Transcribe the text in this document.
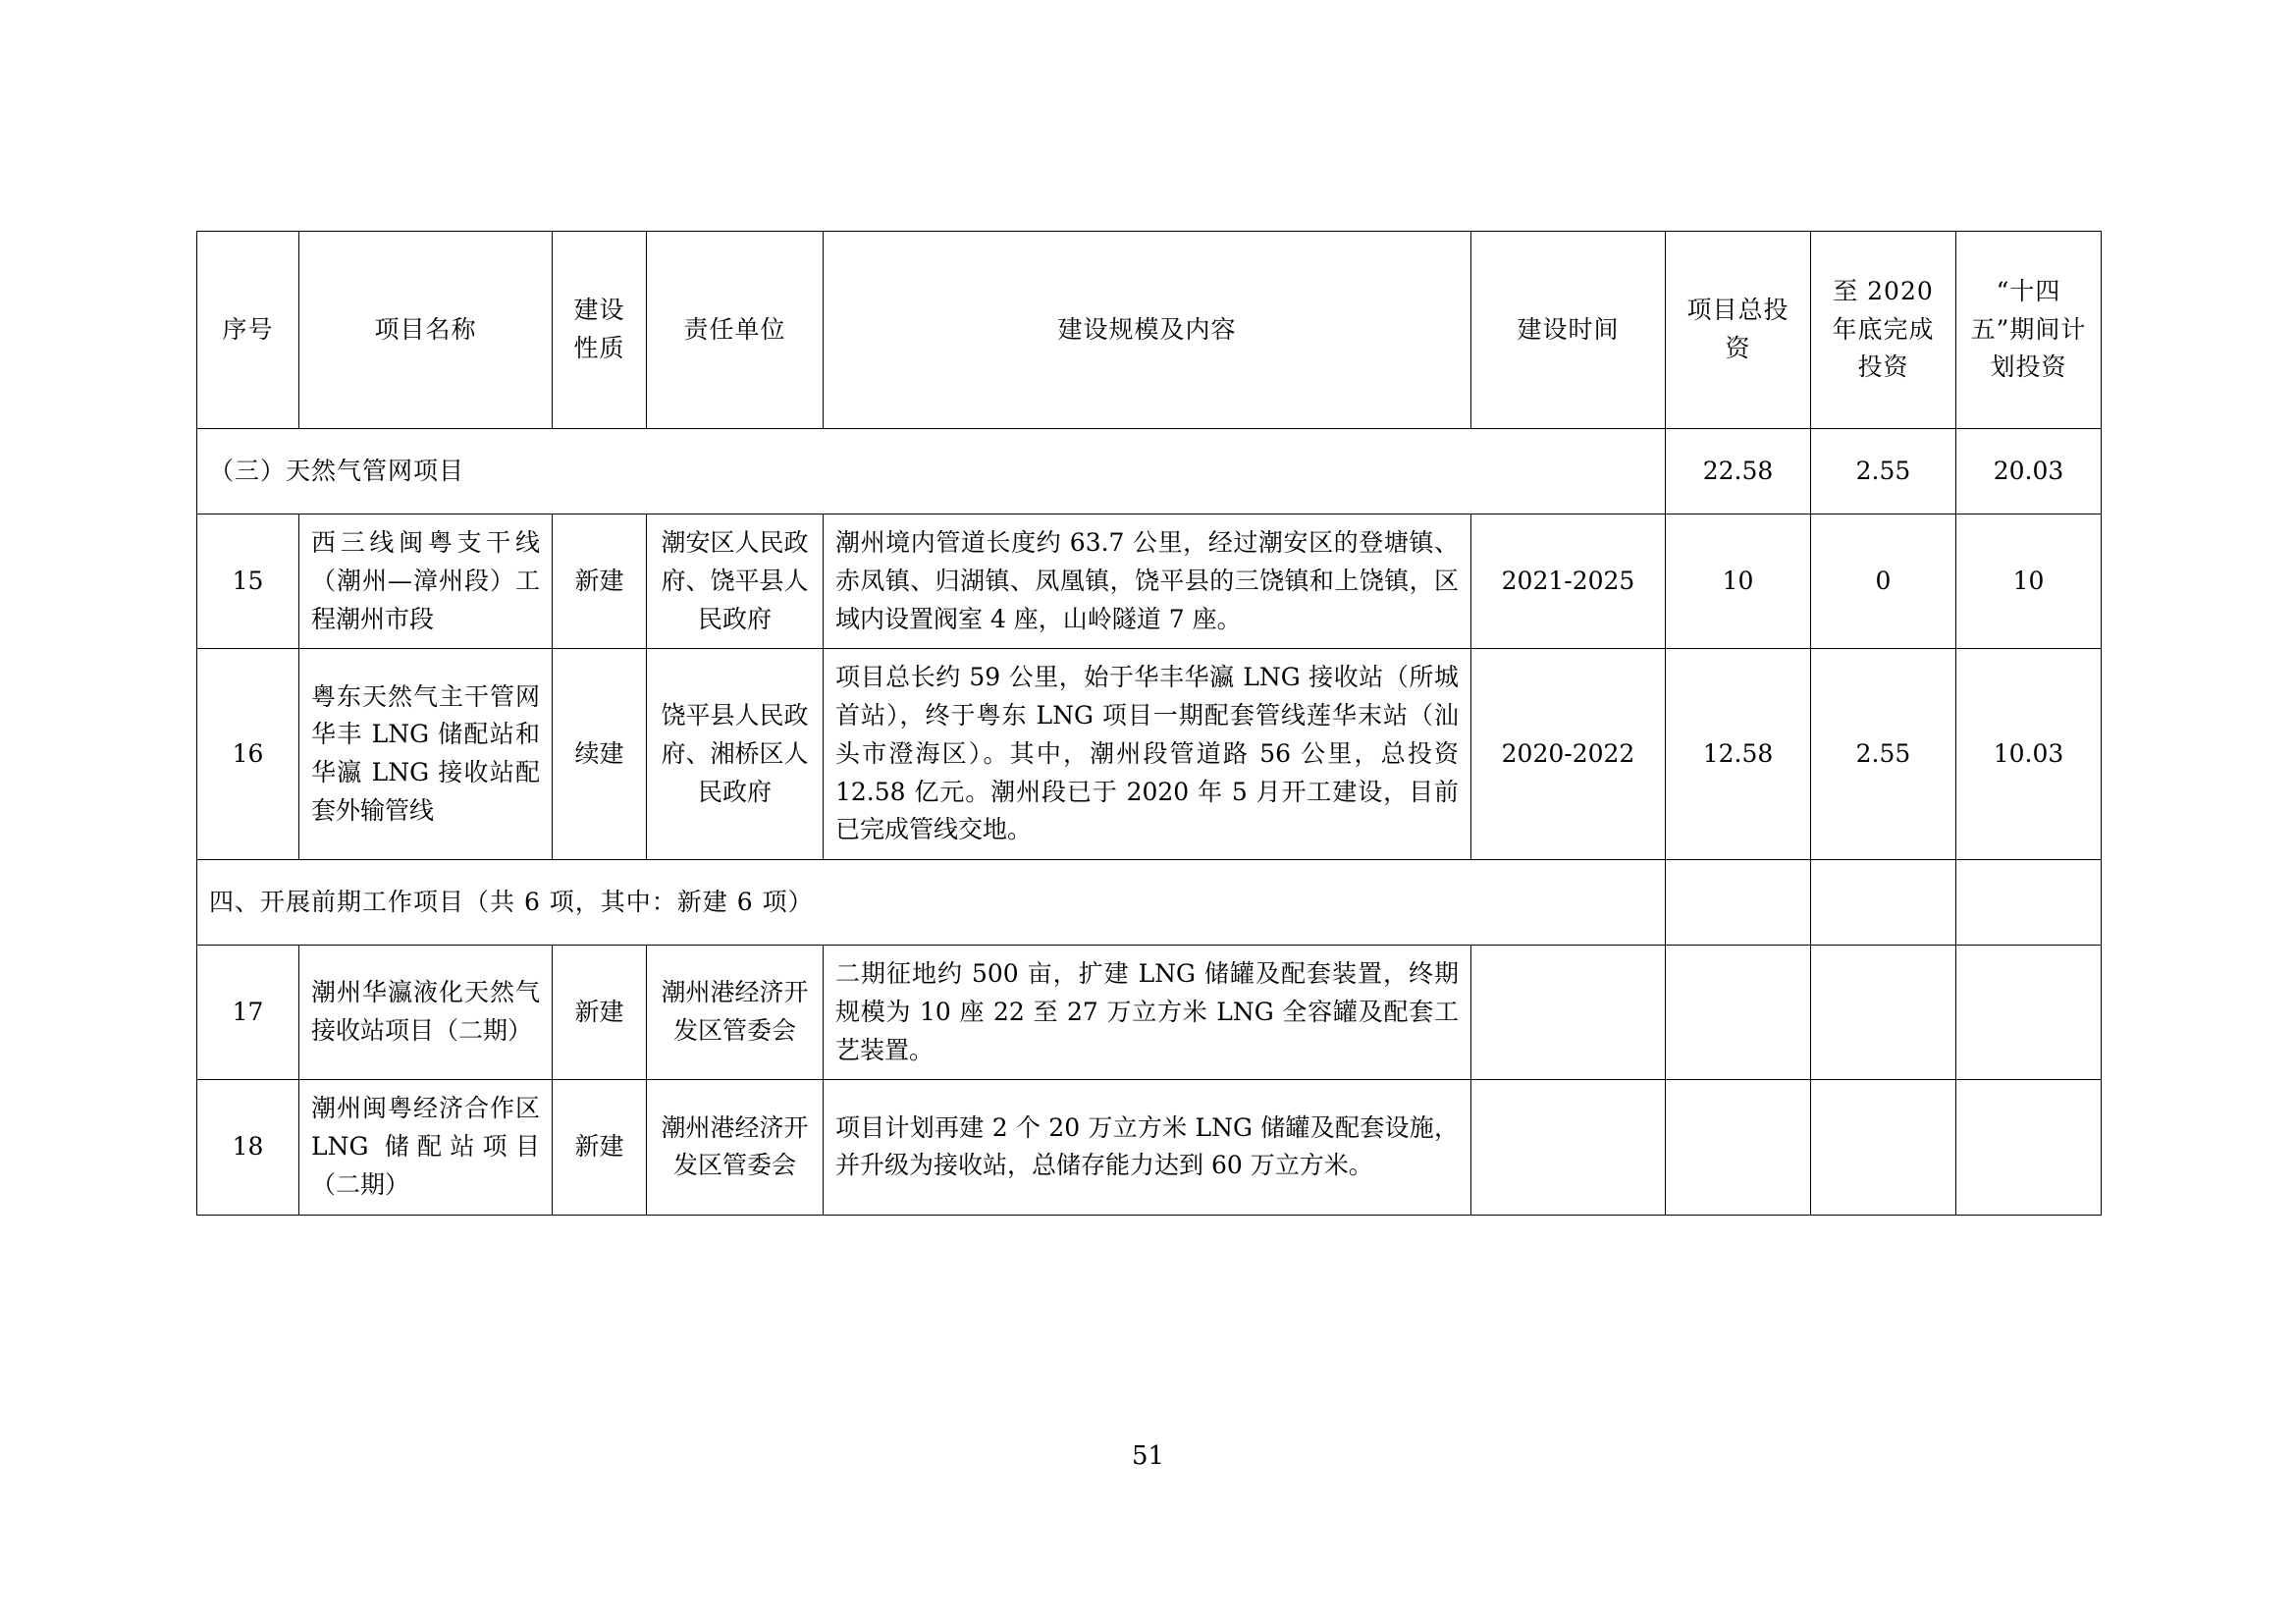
序号	项目名称	建设性质	责任单位	建设规模及内容	建设时间	项目总投资	至 2020 年底完成投资	“十四五”期间计划投资
（三）天然气管网项目						22.58	2.55	20.03
15	西三线闽粤支干线（潮州—漳州段）工程潮州市段	新建	潮安区人民政府、饶平县人民政府	潮州境内管道长度约 63.7 公里，经过潮安区的登塘镇、赤凤镇、归湖镇、凤凰镇，饶平县的三饶镇和上饶镇，区域内设置阀室 4 座，山岭隧道 7 座。	2021-2025	10	0	10
16	粤东天然气主干管网华丰 LNG 储配站和华瀛 LNG 接收站配套外输管线	续建	饶平县人民政府、湘桥区人民政府	项目总长约 59 公里，始于华丰华瀛 LNG 接收站（所城首站），终于粤东 LNG 项目一期配套管线莲华末站（汕头市澄海区）。其中，潮州段管道路 56 公里，总投资 12.58 亿元。潮州段已于 2020 年 5 月开工建设，目前已完成管线交地。	2020-2022	12.58	2.55	10.03
四、开展前期工作项目（共 6 项，其中：新建 6 项）								
17	潮州华瀛液化天然气接收站项目（二期）	新建	潮州港经济开发区管委会	二期征地约 500 亩，扩建 LNG 储罐及配套装置，终期规模为 10 座 22 至 27 万立方米 LNG 全容罐及配套工艺装置。				
18	潮州闽粤经济合作区 LNG 储配站项目（二期）	新建	潮州港经济开发区管委会	项目计划再建 2 个 20 万立方米 LNG 储罐及配套设施，并升级为接收站，总储存能力达到 60 万立方米。				
51
